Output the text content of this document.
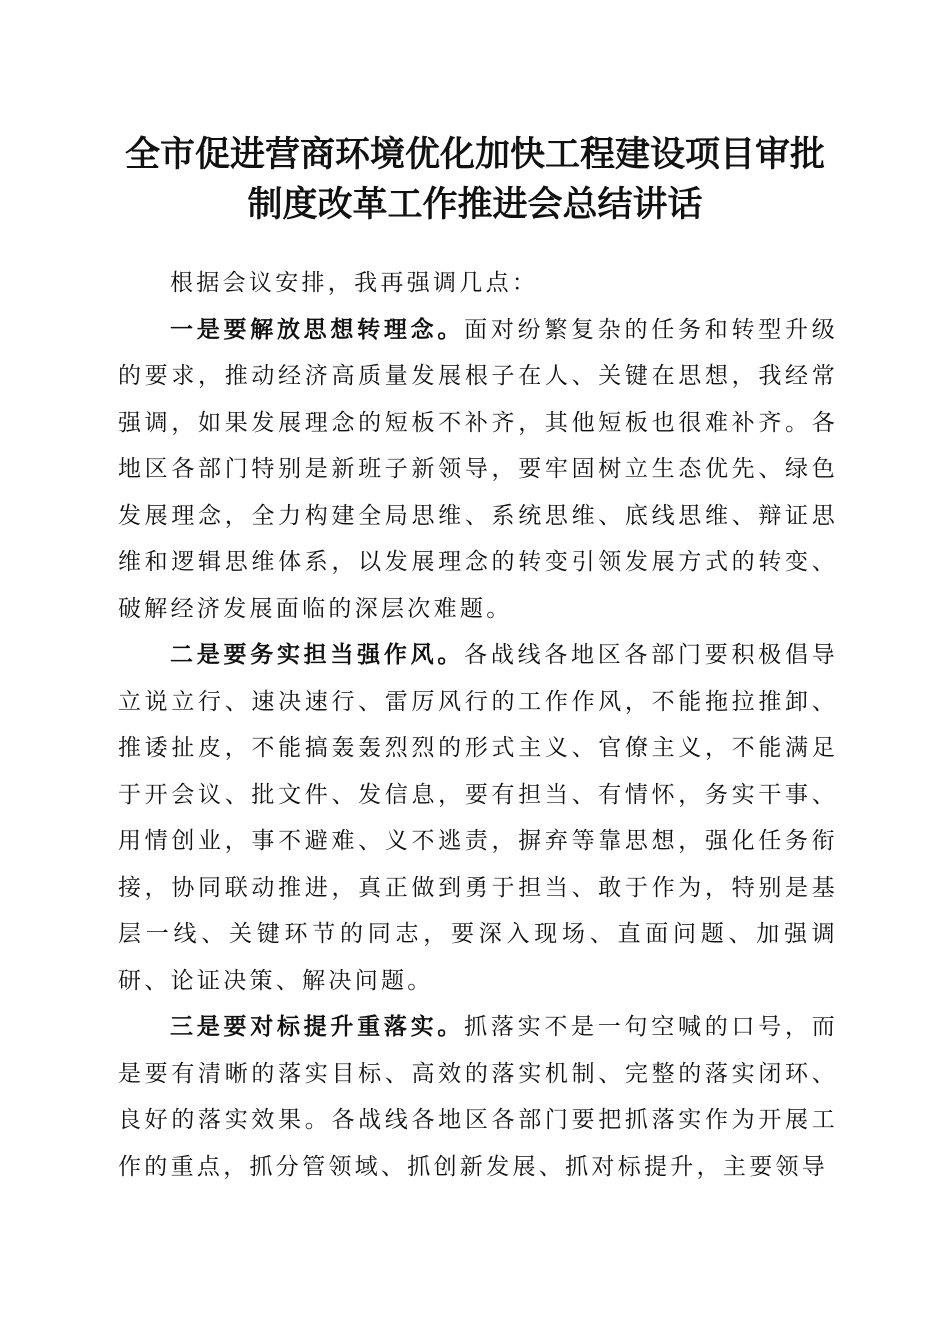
全市促进营商环境优化加快工程建设项目审批
制度改革工作推进会总结讲话

根据会议安排，我再强调几点：

一是要解放思想转理念。面对纷繁复杂的任务和转型升级的要求，推动经济高质量发展根子在人、关键在思想，我经常强调，如果发展理念的短板不补齐，其他短板也很难补齐。各地区各部门特别是新班子新领导，要牢固树立生态优先、绿色发展理念，全力构建全局思维、系统思维、底线思维、辩证思维和逻辑思维体系，以发展理念的转变引领发展方式的转变、破解经济发展面临的深层次难题。

二是要务实担当强作风。各战线各地区各部门要积极倡导立说立行、速决速行、雷厉风行的工作作风，不能拖拉推卸、推诿扯皮，不能搞轰轰烈烈的形式主义、官僚主义，不能满足于开会议、批文件、发信息，要有担当、有情怀，务实干事、用情创业，事不避难、义不逃责，摒弃等靠思想，强化任务衔接，协同联动推进，真正做到勇于担当、敢于作为，特别是基层一线、关键环节的同志，要深入现场、直面问题、加强调研、论证决策、解决问题。

三是要对标提升重落实。抓落实不是一句空喊的口号，而是要有清晰的落实目标、高效的落实机制、完整的落实闭环、良好的落实效果。各战线各地区各部门要把抓落实作为开展工作的重点，抓分管领域、抓创新发展、抓对标提升，主要领导
